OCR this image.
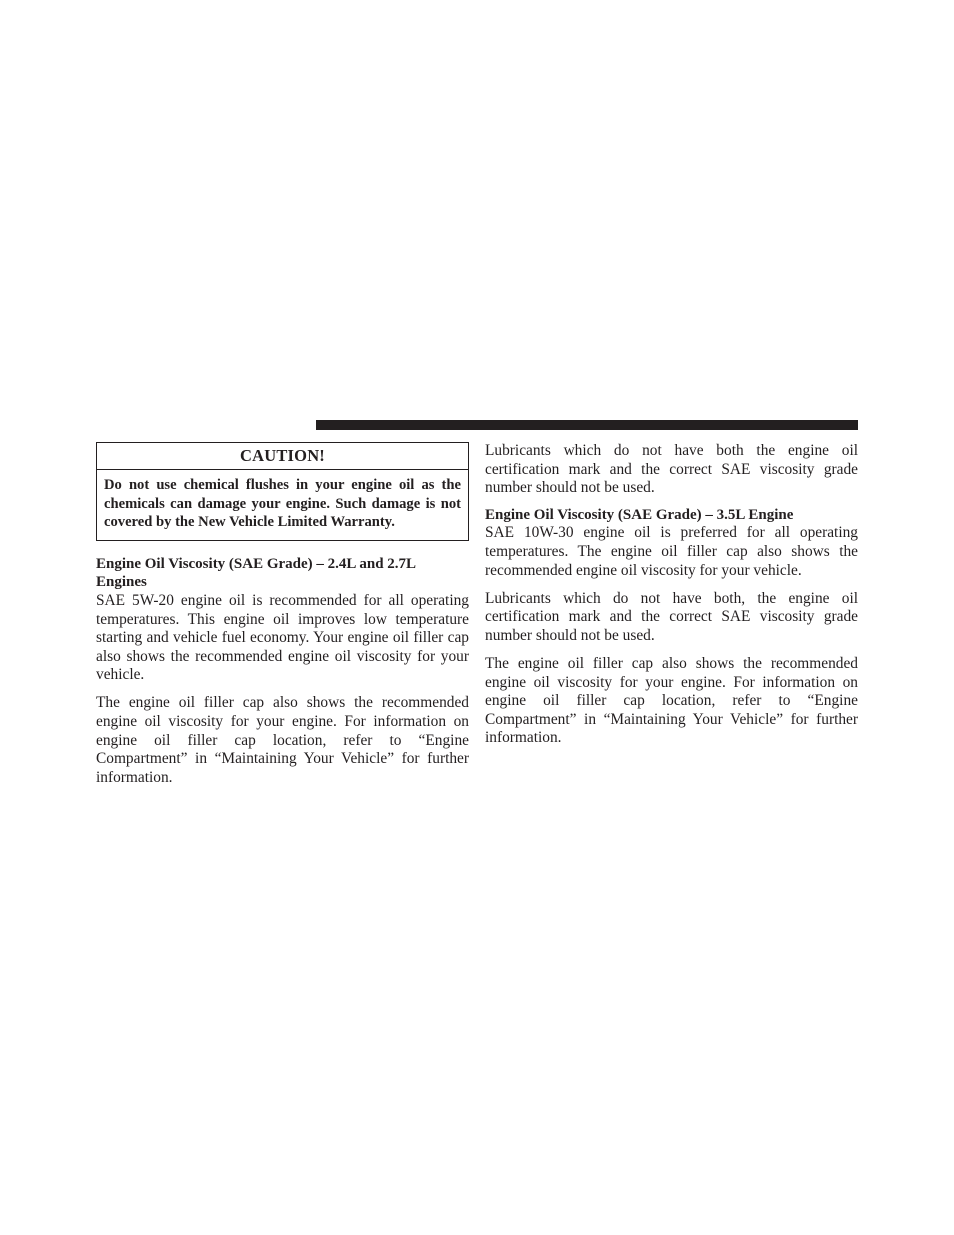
CAUTION!
Do not use chemical flushes in your engine oil as the chemicals can damage your engine. Such damage is not covered by the New Vehicle Limited Warranty.

Engine Oil Viscosity (SAE Grade) – 2.4L and 2.7L Engines

SAE 5W-20 engine oil is recommended for all operating temperatures. This engine oil improves low temperature starting and vehicle fuel economy. Your engine oil filler cap also shows the recommended engine oil viscosity for your vehicle.

The engine oil filler cap also shows the recommended engine oil viscosity for your engine. For information on engine oil filler cap location, refer to “Engine Compartment” in “Maintaining Your Vehicle” for further information.

Lubricants which do not have both the engine oil certification mark and the correct SAE viscosity grade number should not be used.

Engine Oil Viscosity (SAE Grade) – 3.5L Engine

SAE 10W-30 engine oil is preferred for all operating temperatures. The engine oil filler cap also shows the recommended engine oil viscosity for your vehicle.

Lubricants which do not have both, the engine oil certification mark and the correct SAE viscosity grade number should not be used.

The engine oil filler cap also shows the recommended engine oil viscosity for your engine. For information on engine oil filler cap location, refer to “Engine Compartment” in “Maintaining Your Vehicle” for further information.
